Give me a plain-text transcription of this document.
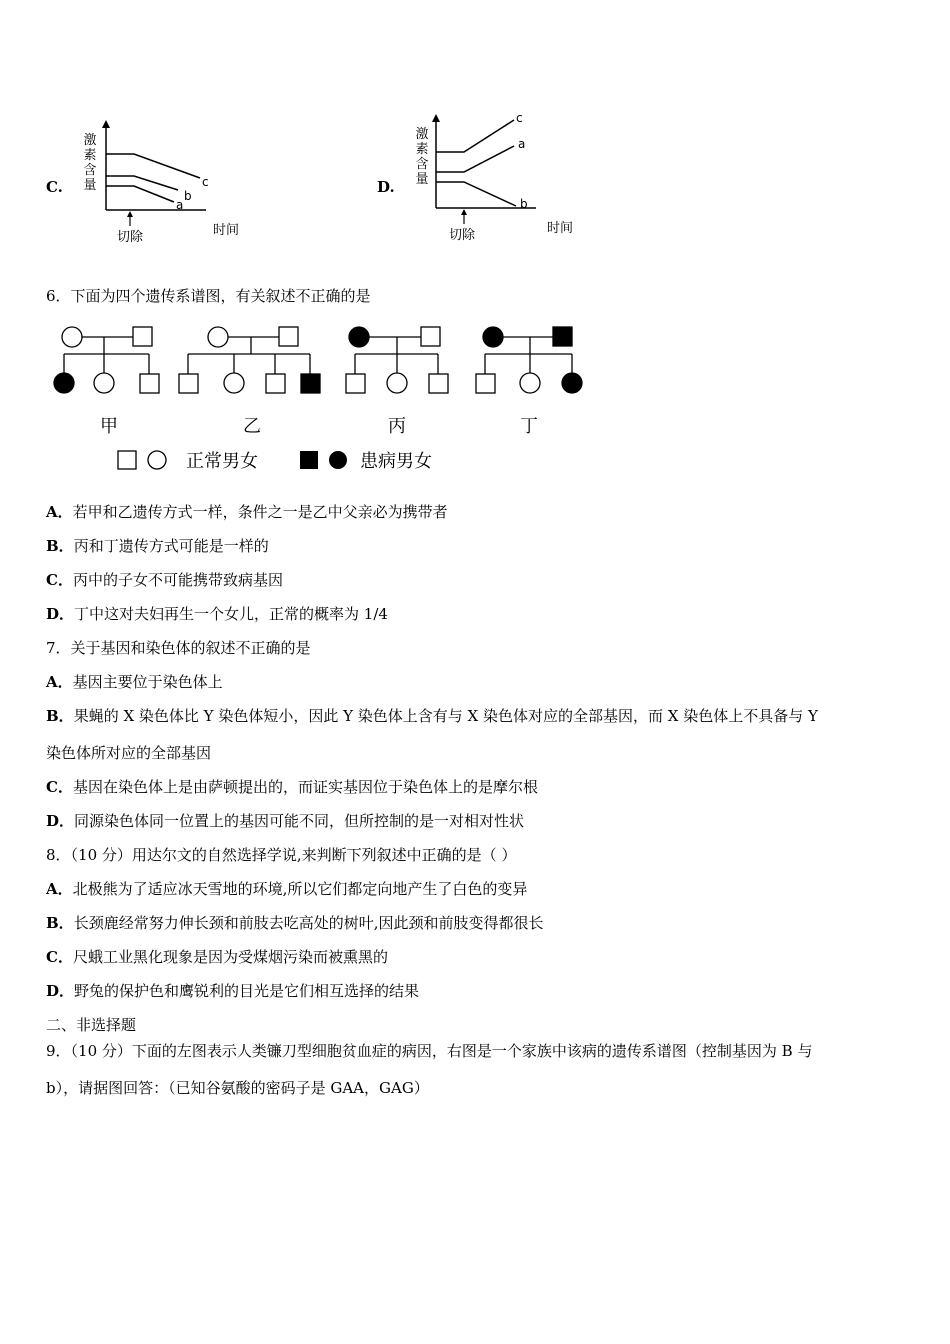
C.
激
素
含
量	c
b
a
切除	时间
D.
激
素
含
量
c
a
b
切除	时间
6．下面为四个遗传系谱图，有关叙述不正确的是
甲	乙	丙	丁
正常男女	患病男女
A．若甲和乙遗传方式一样，条件之一是乙中父亲必为携带者
B．丙和丁遗传方式可能是一样的
C．丙中的子女不可能携带致病基因
D．丁中这对夫妇再生一个女儿，正常的概率为 1/4
7．关于基因和染色体的叙述不正确的是
A．基因主要位于染色体上
B．果蝇的 X 染色体比 Y 染色体短小，因此 Y 染色体上含有与 X 染色体对应的全部基因，而 X 染色体上不具备与 Y
染色体所对应的全部基因
C．基因在染色体上是由萨顿提出的，而证实基因位于染色体上的是摩尔根
D．同源染色体同一位置上的基因可能不同，但所控制的是一对相对性状
8．（10 分）用达尔文的自然选择学说,来判断下列叙述中正确的是（ ）
A．北极熊为了适应冰天雪地的环境,所以它们都定向地产生了白色的变异
B．长颈鹿经常努力伸长颈和前肢去吃高处的树叶,因此颈和前肢变得都很长
C．尺蛾工业黑化现象是因为受煤烟污染而被熏黑的
D．野兔的保护色和鹰锐利的目光是它们相互选择的结果
二、非选择题
9．（10 分）下面的左图表示人类镰刀型细胞贫血症的病因，右图是一个家族中该病的遗传系谱图（控制基因为 B 与
b），请据图回答：（已知谷氨酸的密码子是 GAA，GAG）
